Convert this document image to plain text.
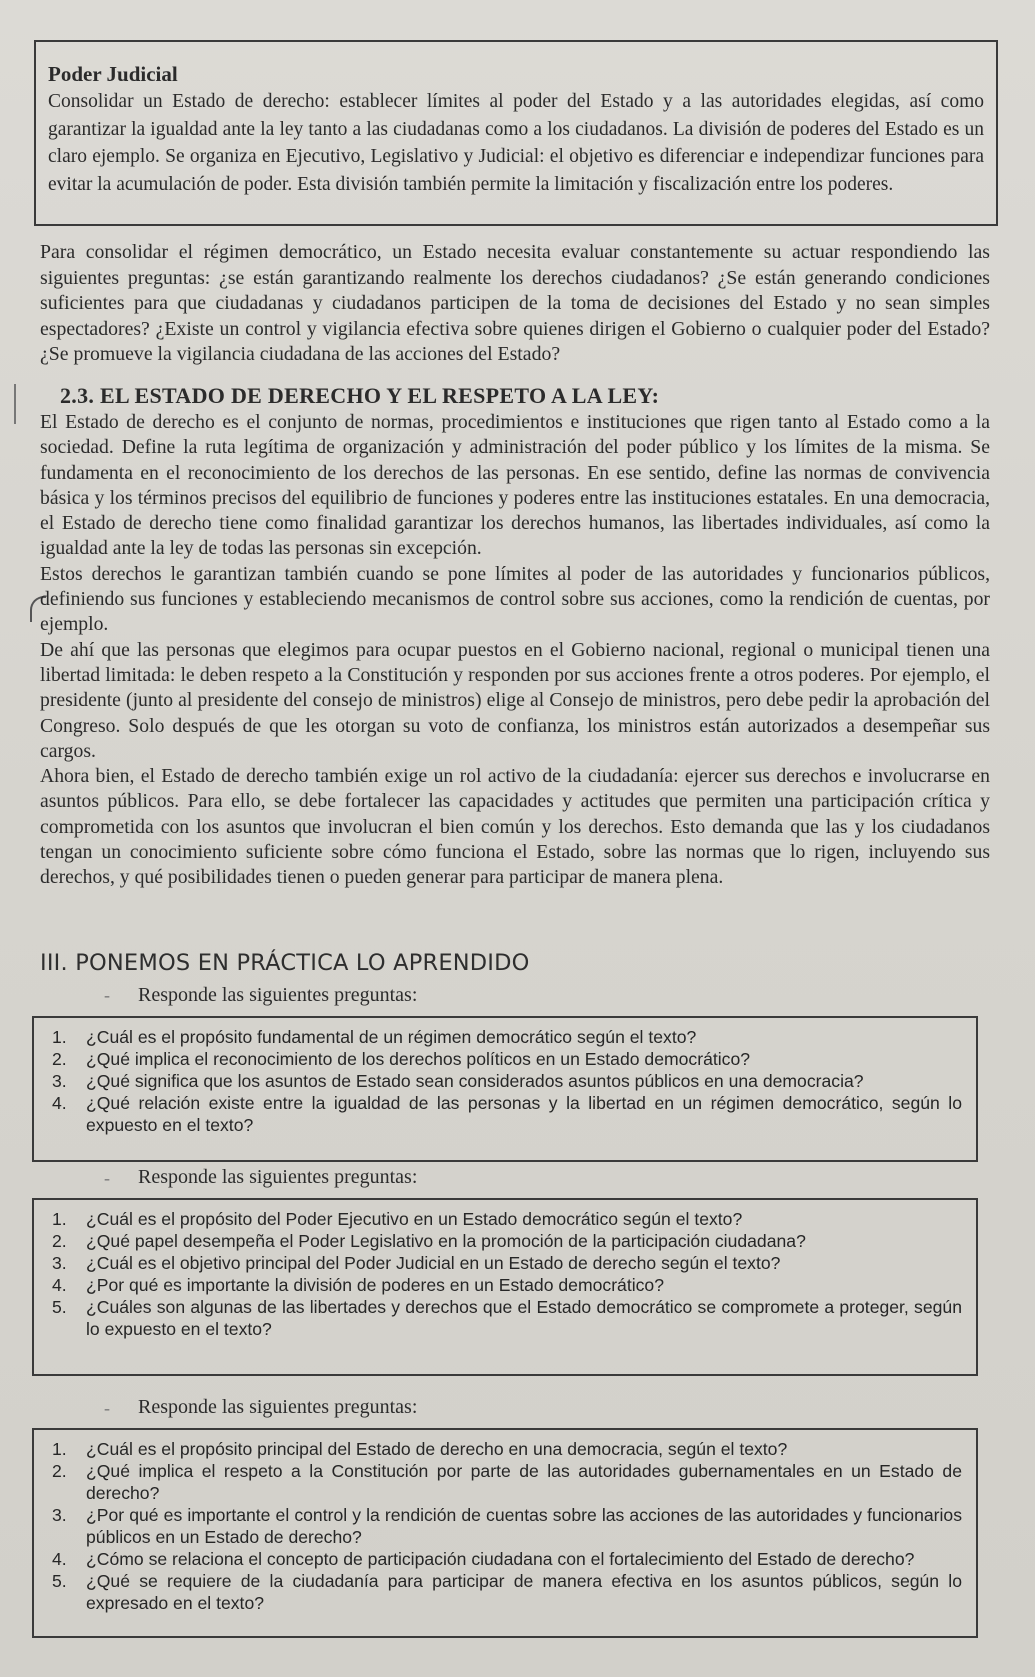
Poder Judicial

Consolidar un Estado de derecho: establecer límites al poder del Estado y a las autoridades elegidas, así como garantizar la igualdad ante la ley tanto a las ciudadanas como a los ciudadanos. La división de poderes del Estado es un claro ejemplo. Se organiza en Ejecutivo, Legislativo y Judicial: el objetivo es diferenciar e independizar funciones para evitar la acumulación de poder. Esta división también permite la limitación y fiscalización entre los poderes.

Para consolidar el régimen democrático, un Estado necesita evaluar constantemente su actuar respondiendo las siguientes preguntas: ¿se están garantizando realmente los derechos ciudadanos? ¿Se están generando condiciones suficientes para que ciudadanas y ciudadanos participen de la toma de decisiones del Estado y no sean simples espectadores? ¿Existe un control y vigilancia efectiva sobre quienes dirigen el Gobierno o cualquier poder del Estado? ¿Se promueve la vigilancia ciudadana de las acciones del Estado?

2.3. EL ESTADO DE DERECHO Y EL RESPETO A LA LEY:

El Estado de derecho es el conjunto de normas, procedimientos e instituciones que rigen tanto al Estado como a la sociedad. Define la ruta legítima de organización y administración del poder público y los límites de la misma. Se fundamenta en el reconocimiento de los derechos de las personas. En ese sentido, define las normas de convivencia básica y los términos precisos del equilibrio de funciones y poderes entre las instituciones estatales. En una democracia, el Estado de derecho tiene como finalidad garantizar los derechos humanos, las libertades individuales, así como la igualdad ante la ley de todas las personas sin excepción.

Estos derechos le garantizan también cuando se pone límites al poder de las autoridades y funcionarios públicos, definiendo sus funciones y estableciendo mecanismos de control sobre sus acciones, como la rendición de cuentas, por ejemplo.

De ahí que las personas que elegimos para ocupar puestos en el Gobierno nacional, regional o municipal tienen una libertad limitada: le deben respeto a la Constitución y responden por sus acciones frente a otros poderes. Por ejemplo, el presidente (junto al presidente del consejo de ministros) elige al Consejo de ministros, pero debe pedir la aprobación del Congreso. Solo después de que les otorgan su voto de confianza, los ministros están autorizados a desempeñar sus cargos.

Ahora bien, el Estado de derecho también exige un rol activo de la ciudadanía: ejercer sus derechos e involucrarse en asuntos públicos. Para ello, se debe fortalecer las capacidades y actitudes que permiten una participación crítica y comprometida con los asuntos que involucran el bien común y los derechos. Esto demanda que las y los ciudadanos tengan un conocimiento suficiente sobre cómo funciona el Estado, sobre las normas que lo rigen, incluyendo sus derechos, y qué posibilidades tienen o pueden generar para participar de manera plena.

III. PONEMOS EN PRÁCTICA LO APRENDIDO
- Responde las siguientes preguntas:
1.	¿Cuál es el propósito fundamental de un régimen democrático según el texto?
2.	¿Qué implica el reconocimiento de los derechos políticos en un Estado democrático?
3.	¿Qué significa que los asuntos de Estado sean considerados asuntos públicos en una democracia?
4.	¿Qué relación existe entre la igualdad de las personas y la libertad en un régimen democrático, según lo expuesto en el texto?
- Responde las siguientes preguntas:
1.	¿Cuál es el propósito del Poder Ejecutivo en un Estado democrático según el texto?
2.	¿Qué papel desempeña el Poder Legislativo en la promoción de la participación ciudadana?
3.	¿Cuál es el objetivo principal del Poder Judicial en un Estado de derecho según el texto?
4.	¿Por qué es importante la división de poderes en un Estado democrático?
5.	¿Cuáles son algunas de las libertades y derechos que el Estado democrático se compromete a proteger, según lo expuesto en el texto?
- Responde las siguientes preguntas:
1.	¿Cuál es el propósito principal del Estado de derecho en una democracia, según el texto?
2.	¿Qué implica el respeto a la Constitución por parte de las autoridades gubernamentales en un Estado de derecho?
3.	¿Por qué es importante el control y la rendición de cuentas sobre las acciones de las autoridades y funcionarios públicos en un Estado de derecho?
4.	¿Cómo se relaciona el concepto de participación ciudadana con el fortalecimiento del Estado de derecho?
5.	¿Qué se requiere de la ciudadanía para participar de manera efectiva en los asuntos públicos, según lo expresado en el texto?
